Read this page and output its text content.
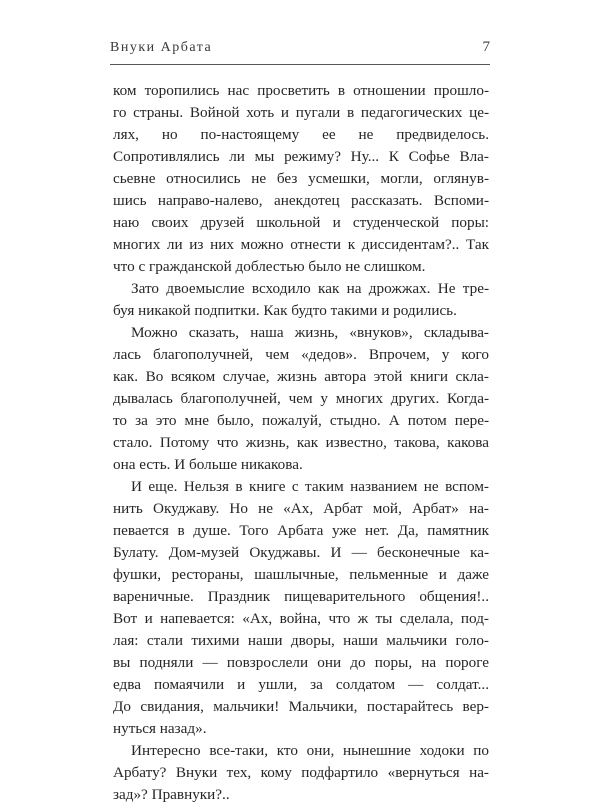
Внуки Арбата	7
ком торопились нас просветить в отношении прошло-
го страны. Войной хоть и пугали в педагогических це-
лях, но по-настоящему ее не предвиделось.
Сопротивлялись ли мы режиму? Ну... К Софье Вла-
сьевне относились не без усмешки, могли, оглянув-
шись направо-налево, анекдотец рассказать. Вспоми-
наю своих друзей школьной и студенческой поры:
многих ли из них можно отнести к диссидентам?.. Так
что с гражданской доблестью было не слишком.
Зато двоемыслие всходило как на дрожжах. Не тре-
буя никакой подпитки. Как будто такими и родились.
Можно сказать, наша жизнь, «внуков», складыва-
лась благополучней, чем «дедов». Впрочем, у кого
как. Во всяком случае, жизнь автора этой книги скла-
дывалась благополучней, чем у многих других. Когда-
то за это мне было, пожалуй, стыдно. А потом пере-
стало. Потому что жизнь, как известно, такова, какова
она есть. И больше никакова.
И еще. Нельзя в книге с таким названием не вспом-
нить Окуджаву. Но не «Ах, Арбат мой, Арбат» на-
певается в душе. Того Арбата уже нет. Да, памятник
Булату. Дом-музей Окуджавы. И — бесконечные ка-
фушки, рестораны, шашлычные, пельменные и даже
вареничные. Праздник пищеварительного общения!..
Вот и напевается: «Ах, война, что ж ты сделала, под-
лая: стали тихими наши дворы, наши мальчики голо-
вы подняли — повзрослели они до поры, на пороге
едва помаячили и ушли, за солдатом — солдат...
До свидания, мальчики! Мальчики, постарайтесь вер-
нуться назад».
Интересно все-таки, кто они, нынешние ходоки по
Арбату? Внуки тех, кому подфартило «вернуться на-
зад»? Правнуки?..
